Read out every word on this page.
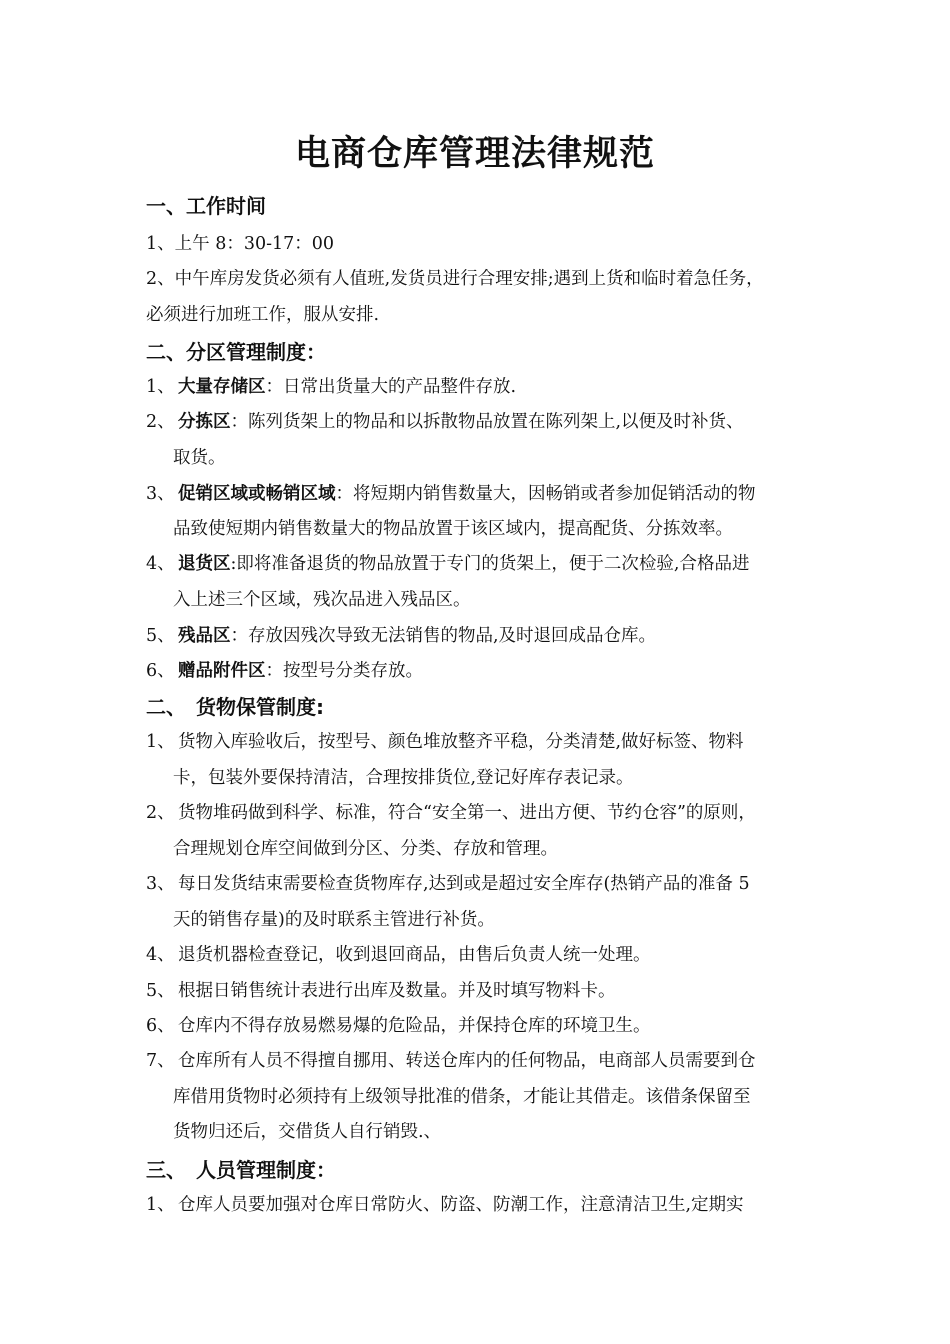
电商仓库管理法律规范
一、工作时间
1、上午 8：30-17：00
2、中午库房发货必须有人值班,发货员进行合理安排;遇到上货和临时着急任务，
必须进行加班工作，服从安排.
二、分区管理制度：
1、 大量存储区：日常出货量大的产品整件存放.
2、 分拣区：陈列货架上的物品和以拆散物品放置在陈列架上,以便及时补货、
取货。
3、 促销区域或畅销区域：将短期内销售数量大，因畅销或者参加促销活动的物
品致使短期内销售数量大的物品放置于该区域内，提高配货、分拣效率。
4、 退货区:即将准备退货的物品放置于专门的货架上，便于二次检验,合格品进
入上述三个区域，残次品进入残品区。
5、 残品区：存放因残次导致无法销售的物品,及时退回成品仓库。
6、 赠品附件区：按型号分类存放。
二、　货物保管制度:
1、 货物入库验收后，按型号、颜色堆放整齐平稳，分类清楚,做好标签、物料
卡，包装外要保持清洁，合理按排货位,登记好库存表记录。
2、 货物堆码做到科学、标准，符合“安全第一、进出方便、节约仓容”的原则，
合理规划仓库空间做到分区、分类、存放和管理。
3、 每日发货结束需要检查货物库存,达到或是超过安全库存(热销产品的准备 5
天的销售存量)的及时联系主管进行补货。
4、 退货机器检查登记，收到退回商品，由售后负责人统一处理。
5、 根据日销售统计表进行出库及数量。并及时填写物料卡。
6、 仓库内不得存放易燃易爆的危险品，并保持仓库的环境卫生。
7、 仓库所有人员不得擅自挪用、转送仓库内的任何物品，电商部人员需要到仓
库借用货物时必须持有上级领导批准的借条，才能让其借走。该借条保留至
货物归还后，交借货人自行销毁.、
三、　人员管理制度：
1、 仓库人员要加强对仓库日常防火、防盗、防潮工作，注意清洁卫生,定期实
